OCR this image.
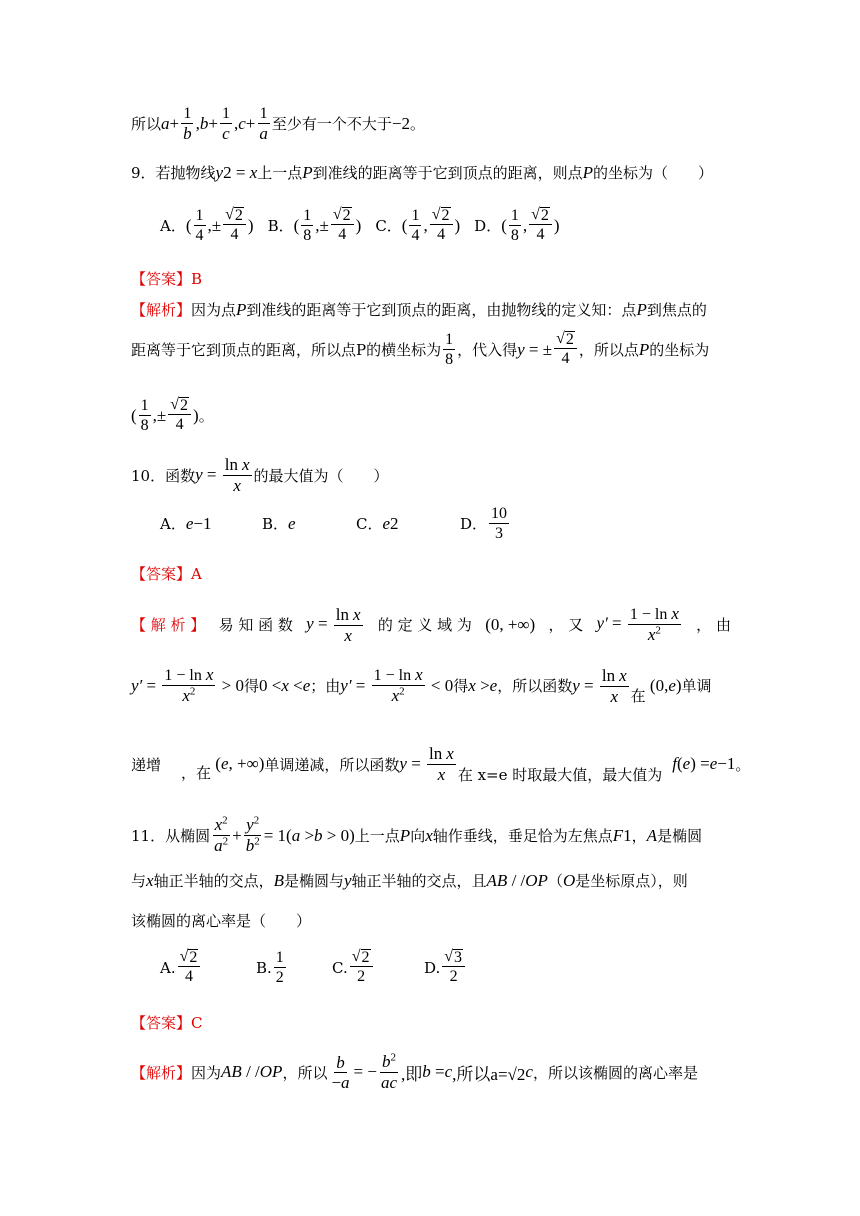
所以 $a + \frac{1}{b}$ , $b + \frac{1}{c}$ , $c + \frac{1}{a}$ 至少有一个不大于 −2 。
9．若抛物线 y 2 = x 上一点 P 到准线的距离等于它到顶点的距离，则点 P 的坐标为（　　）
A． ( $\frac{1}{4}$ ,± $\frac{√ 2}{4}$ ) B． ( $\frac{1}{8}$ ,± $\frac{√ 2}{4}$ ) C． ( $\frac{1}{4}$ , $\frac{√ 2}{4}$ ) D． ( $\frac{1}{8}$ , $\frac{√ 2}{4}$ )
【答案】 B
【解析】 因为点 P 到准线的距离等于它到顶点的距离，由抛物线的定义知：点 P 到焦点的
距离等于它到顶点的距离，所以点P的横坐标为 $\frac{1}{8}$ ，代入得 y = ± $\frac{√ 2}{4}$ ，所以点 P 的坐标为
( $\frac{1}{8}$ ,± $\frac{√ 2}{4}$ ) 。
10．函数 $y = \frac{\text{ln x}}{x}$ 的最大值为（　　）
A． e −1	B． e	C． e 2	D． $\frac{10}{3}$
【答案】 A
【 解 析 】 易 知 函 数 $y = \frac{\text{ln x}}{x}$ 的 定 义 域 为 (0, +∞) ， 又 $y' = \frac{\text{1 − ln x}}{x^2}$ ， 由
$y' = \frac{\text{1 − ln x}}{x^2} > 0$ 得 0 < x < e ；由 $y' = \frac{\text{1 − ln x}}{x^2} < 0$ 得 x > e ，所以函数 $y = \frac{\text{ln x}}{x}$ 在
(0, e ) 单调
递增 ，在 ( e , +∞) 单调递减，所以函数 $y = \frac{\text{ln x}}{x}$ 在 x=e 时取最大值，最大值为
f ( e ) = e −1 。
11．从椭圆 $\frac{x^2}{a^2} + \frac{y^2}{b^2} = 1$( a > b > 0) 上一点 P 向 x 轴作垂线，垂足恰为左焦点 F 1 ， A 是椭圆
与 x 轴正半轴的交点， B 是椭圆与 y 轴正半轴的交点，且 AB / / OP （ O 是坐标原点），则
该椭圆的离心率是（　　）
A. $\frac{√ 2}{4}$	B. $\frac{1}{2}$	C. $\frac{√ 2}{2}$	D. $\frac{√ 3}{2}$
【答案】 C
【解析】 因为 AB / / OP ，所以 $\frac{b}{-a}$ = − $\frac{b^2}{ac}$ ,即 b = c ,所以a=√2 c ，所以该椭圆的离心率是
